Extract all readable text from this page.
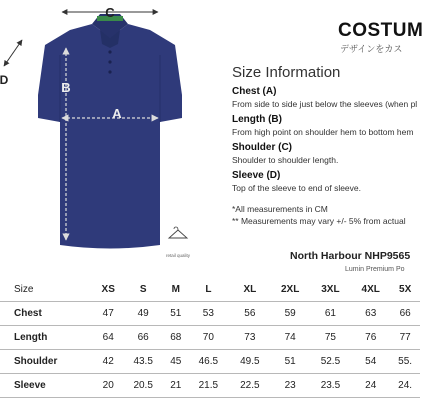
C
B
A
D
retail quality
COSTUM
デザインをカス
Size Information
Chest (A)
From side to side just below the sleeves (when pl
Length (B)
From high point on shoulder hem to bottom hem
Shoulder (C)
Shoulder to shoulder length.
Sleeve (D)
Top of the sleeve to end of sleeve.
*All measurements in CM
** Measurements may vary +/- 5% from actual
North Harbour NHP9565
Lumin Premium Po
Size	XS	S	M	L	XL	2XL	3XL	4XL	5X
Chest	47	49	51	53	56	59	61	63	66
Length	64	66	68	70	73	74	75	76	77
Shoulder	42	43.5	45	46.5	49.5	51	52.5	54	55.
Sleeve	20	20.5	21	21.5	22.5	23	23.5	24	24.
